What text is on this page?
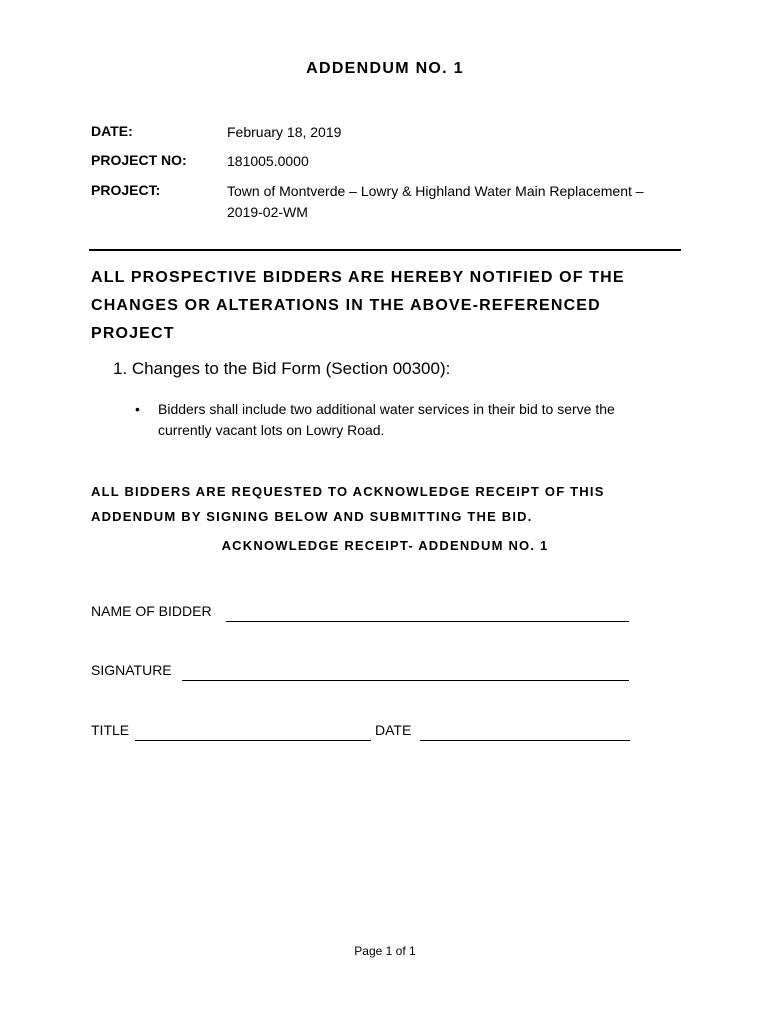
ADDENDUM NO. 1
DATE:	February 18, 2019
PROJECT NO:	181005.0000
PROJECT:	Town of Montverde – Lowry & Highland Water Main Replacement –
2019-02-WM
ALL PROSPECTIVE BIDDERS ARE HEREBY NOTIFIED OF THE
CHANGES OR ALTERATIONS IN THE ABOVE-REFERENCED
PROJECT
1. Changes to the Bid Form (Section 00300):
• Bidders shall include two additional water services in their bid to serve the
currently vacant lots on Lowry Road.
ALL BIDDERS ARE REQUESTED TO ACKNOWLEDGE RECEIPT OF THIS
ADDENDUM BY SIGNING BELOW AND SUBMITTING THE BID.
ACKNOWLEDGE RECEIPT- ADDENDUM NO. 1
NAME OF BIDDER
SIGNATURE
TITLE	DATE
Page 1 of 1
